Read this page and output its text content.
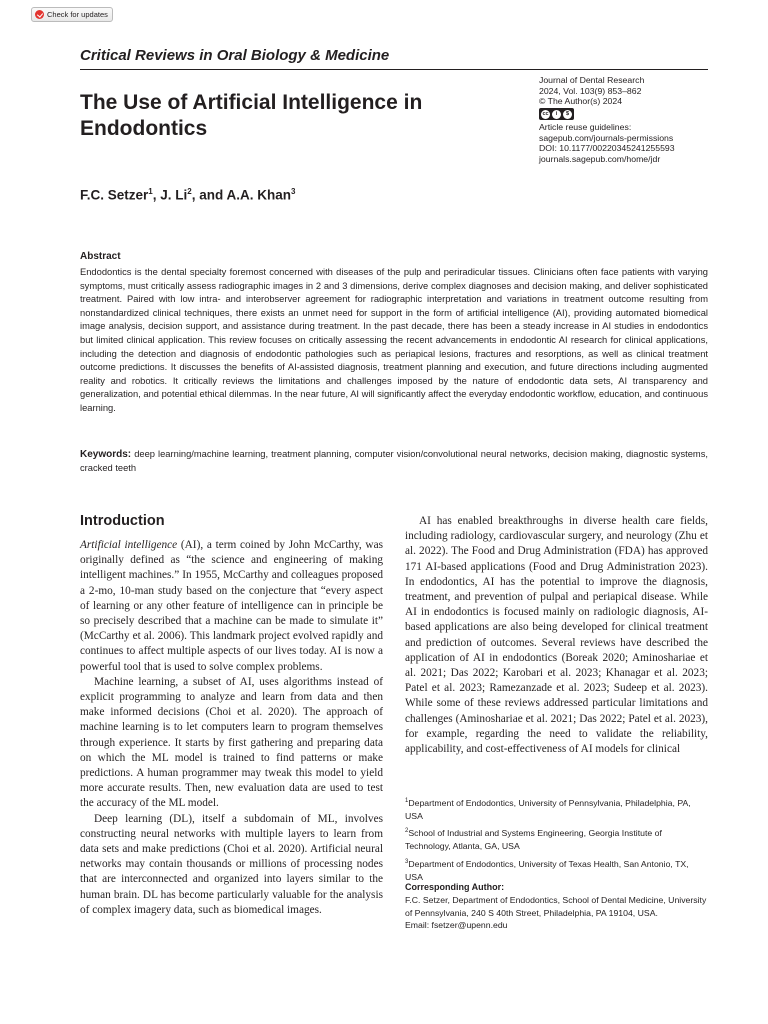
Check for updates
Critical Reviews in Oral Biology & Medicine
Journal of Dental Research
2024, Vol. 103(9) 853–862
© The Author(s) 2024
cc	i	$
Article reuse guidelines:
sagepub.com/journals-permissions
DOI: 10.1177/00220345241255593
journals.sagepub.com/home/jdr
The Use of Artificial Intelligence in Endodontics
F.C. Setzer$^1$, J. Li$^2$, and A.A. Khan$^3$
Abstract
Endodontics is the dental specialty foremost concerned with diseases of the pulp and periradicular tissues. Clinicians often face patients with varying symptoms, must critically assess radiographic images in 2 and 3 dimensions, derive complex diagnoses and decision making, and deliver sophisticated treatment. Paired with low intra- and interobserver agreement for radiographic interpretation and variations in treatment outcome resulting from nonstandardized clinical techniques, there exists an unmet need for support in the form of artificial intelligence (AI), providing automated biomedical image analysis, decision support, and assistance during treatment. In the past decade, there has been a steady increase in AI studies in endodontics but limited clinical application. This review focuses on critically assessing the recent advancements in endodontic AI research for clinical applications, including the detection and diagnosis of endodontic pathologies such as periapical lesions, fractures and resorptions, as well as clinical treatment outcome predictions. It discusses the benefits of AI-assisted diagnosis, treatment planning and execution, and future directions including augmented reality and robotics. It critically reviews the limitations and challenges imposed by the nature of endodontic data sets, AI transparency and generalization, and potential ethical dilemmas. In the near future, AI will significantly affect the everyday endodontic workflow, education, and continuous learning.
Keywords: deep learning/machine learning, treatment planning, computer vision/convolutional neural networks, decision making, diagnostic systems, cracked teeth
Introduction

Artificial intelligence (AI), a term coined by John McCarthy, was originally defined as “the science and engineering of making intelligent machines.” In 1955, McCarthy and colleagues proposed a 2-mo, 10-man study based on the conjecture that “every aspect of learning or any other feature of intelligence can in principle be so precisely described that a machine can be made to simulate it” (McCarthy et al. 2006). This landmark project evolved rapidly and continues to affect multiple aspects of our lives today. AI is now a powerful tool that is used to solve complex problems.

Machine learning, a subset of AI, uses algorithms instead of explicit programming to analyze and learn from data and then make informed decisions (Choi et al. 2020). The approach of machine learning is to let computers learn to program themselves through experience. It starts by first gathering and preparing data on which the ML model is trained to find patterns or make predictions. A human programmer may tweak this model to yield more accurate results. Then, new evaluation data are used to test the accuracy of the ML model.

Deep learning (DL), itself a subdomain of ML, involves constructing neural networks with multiple layers to learn from data sets and make predictions (Choi et al. 2020). Artificial neural networks may contain thousands or millions of processing nodes that are interconnected and organized into layers similar to the human brain. DL has become particularly valuable for the analysis of complex imagery data, such as biomedical images.

AI has enabled breakthroughs in diverse health care fields, including radiology, cardiovascular surgery, and neurology (Zhu et al. 2022). The Food and Drug Administration (FDA) has approved 171 AI-based applications (Food and Drug Administration 2023). In endodontics, AI has the potential to improve the diagnosis, treatment, and prevention of pulpal and periapical disease. While AI in endodontics is focused mainly on radiologic diagnosis, AI-based applications are also being developed for clinical treatment and prediction of outcomes. Several reviews have described the application of AI in endodontics (Boreak 2020; Aminoshariae et al. 2021; Das 2022; Karobari et al. 2023; Khanagar et al. 2023; Patel et al. 2023; Ramezanzade et al. 2023; Sudeep et al. 2023). While some of these reviews addressed particular limitations and challenges (Aminoshariae et al. 2021; Das 2022; Patel et al. 2023), for example, regarding the need to validate the reliability, applicability, and cost-effectiveness of AI models for clinical

$^1$Department of Endodontics, University of Pennsylvania, Philadelphia, PA, USA

$^2$School of Industrial and Systems Engineering, Georgia Institute of Technology, Atlanta, GA, USA

$^3$Department of Endodontics, University of Texas Health, San Antonio, TX, USA

Corresponding Author:
F.C. Setzer, Department of Endodontics, School of Dental Medicine, University of Pennsylvania, 240 S 40th Street, Philadelphia, PA 19104, USA.
Email: fsetzer@upenn.edu
